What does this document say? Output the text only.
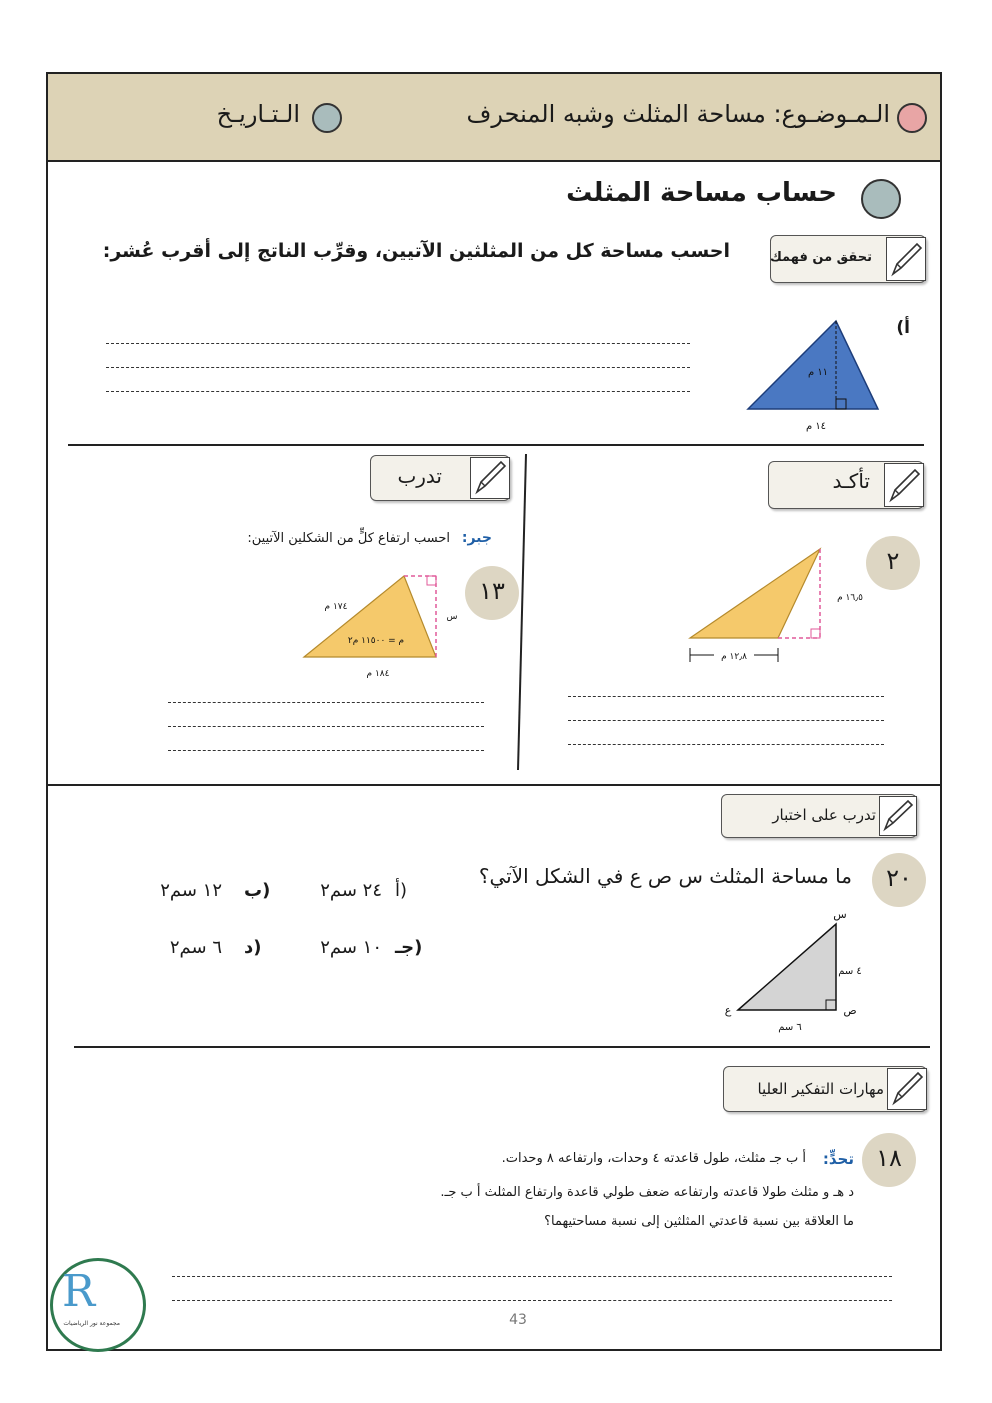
الـمـوضـوع: مساحة المثلث وشبه المنحرف
الـتـاريـخ
حساب مساحة المثلث
تحقق من فهمك
احسب مساحة كل من المثلثين الآتيين، وقرِّب الناتج إلى أقرب عُشر:
أ)
١١ م
١٤ م
تأكـد
٢
١٢٫٨ م
١٦٫٥ م
تدرب
جبر:
احسب ارتفاع كلٍّ من الشكلين الآتيين:
١٣
١٧٤ م
س
م = ١١٥٠٠ م٢
١٨٤ م
تدرب على اختبار
٢٠
ما مساحة المثلث س ص ع في الشكل الآتي؟
أ)
٢٤ سم٢
ب)
١٢ سم٢
جـ)
١٠ سم٢
د)
٦ سم٢
س
ص
ع
٤ سم
٦ سم
مهارات التفكير العليا
١٨
تحدٍّ:
أ ب جـ مثلث، طول قاعدته ٤ وحدات، وارتفاعه ٨ وحدات.
د هـ و مثلث طولا قاعدته وارتفاعه ضعف طولي قاعدة وارتفاع المثلث أ ب جـ.
ما العلاقة بين نسبة قاعدتي المثلثين إلى نسبة مساحتيهما؟
R
مجموعة نور الرياضيات	43
